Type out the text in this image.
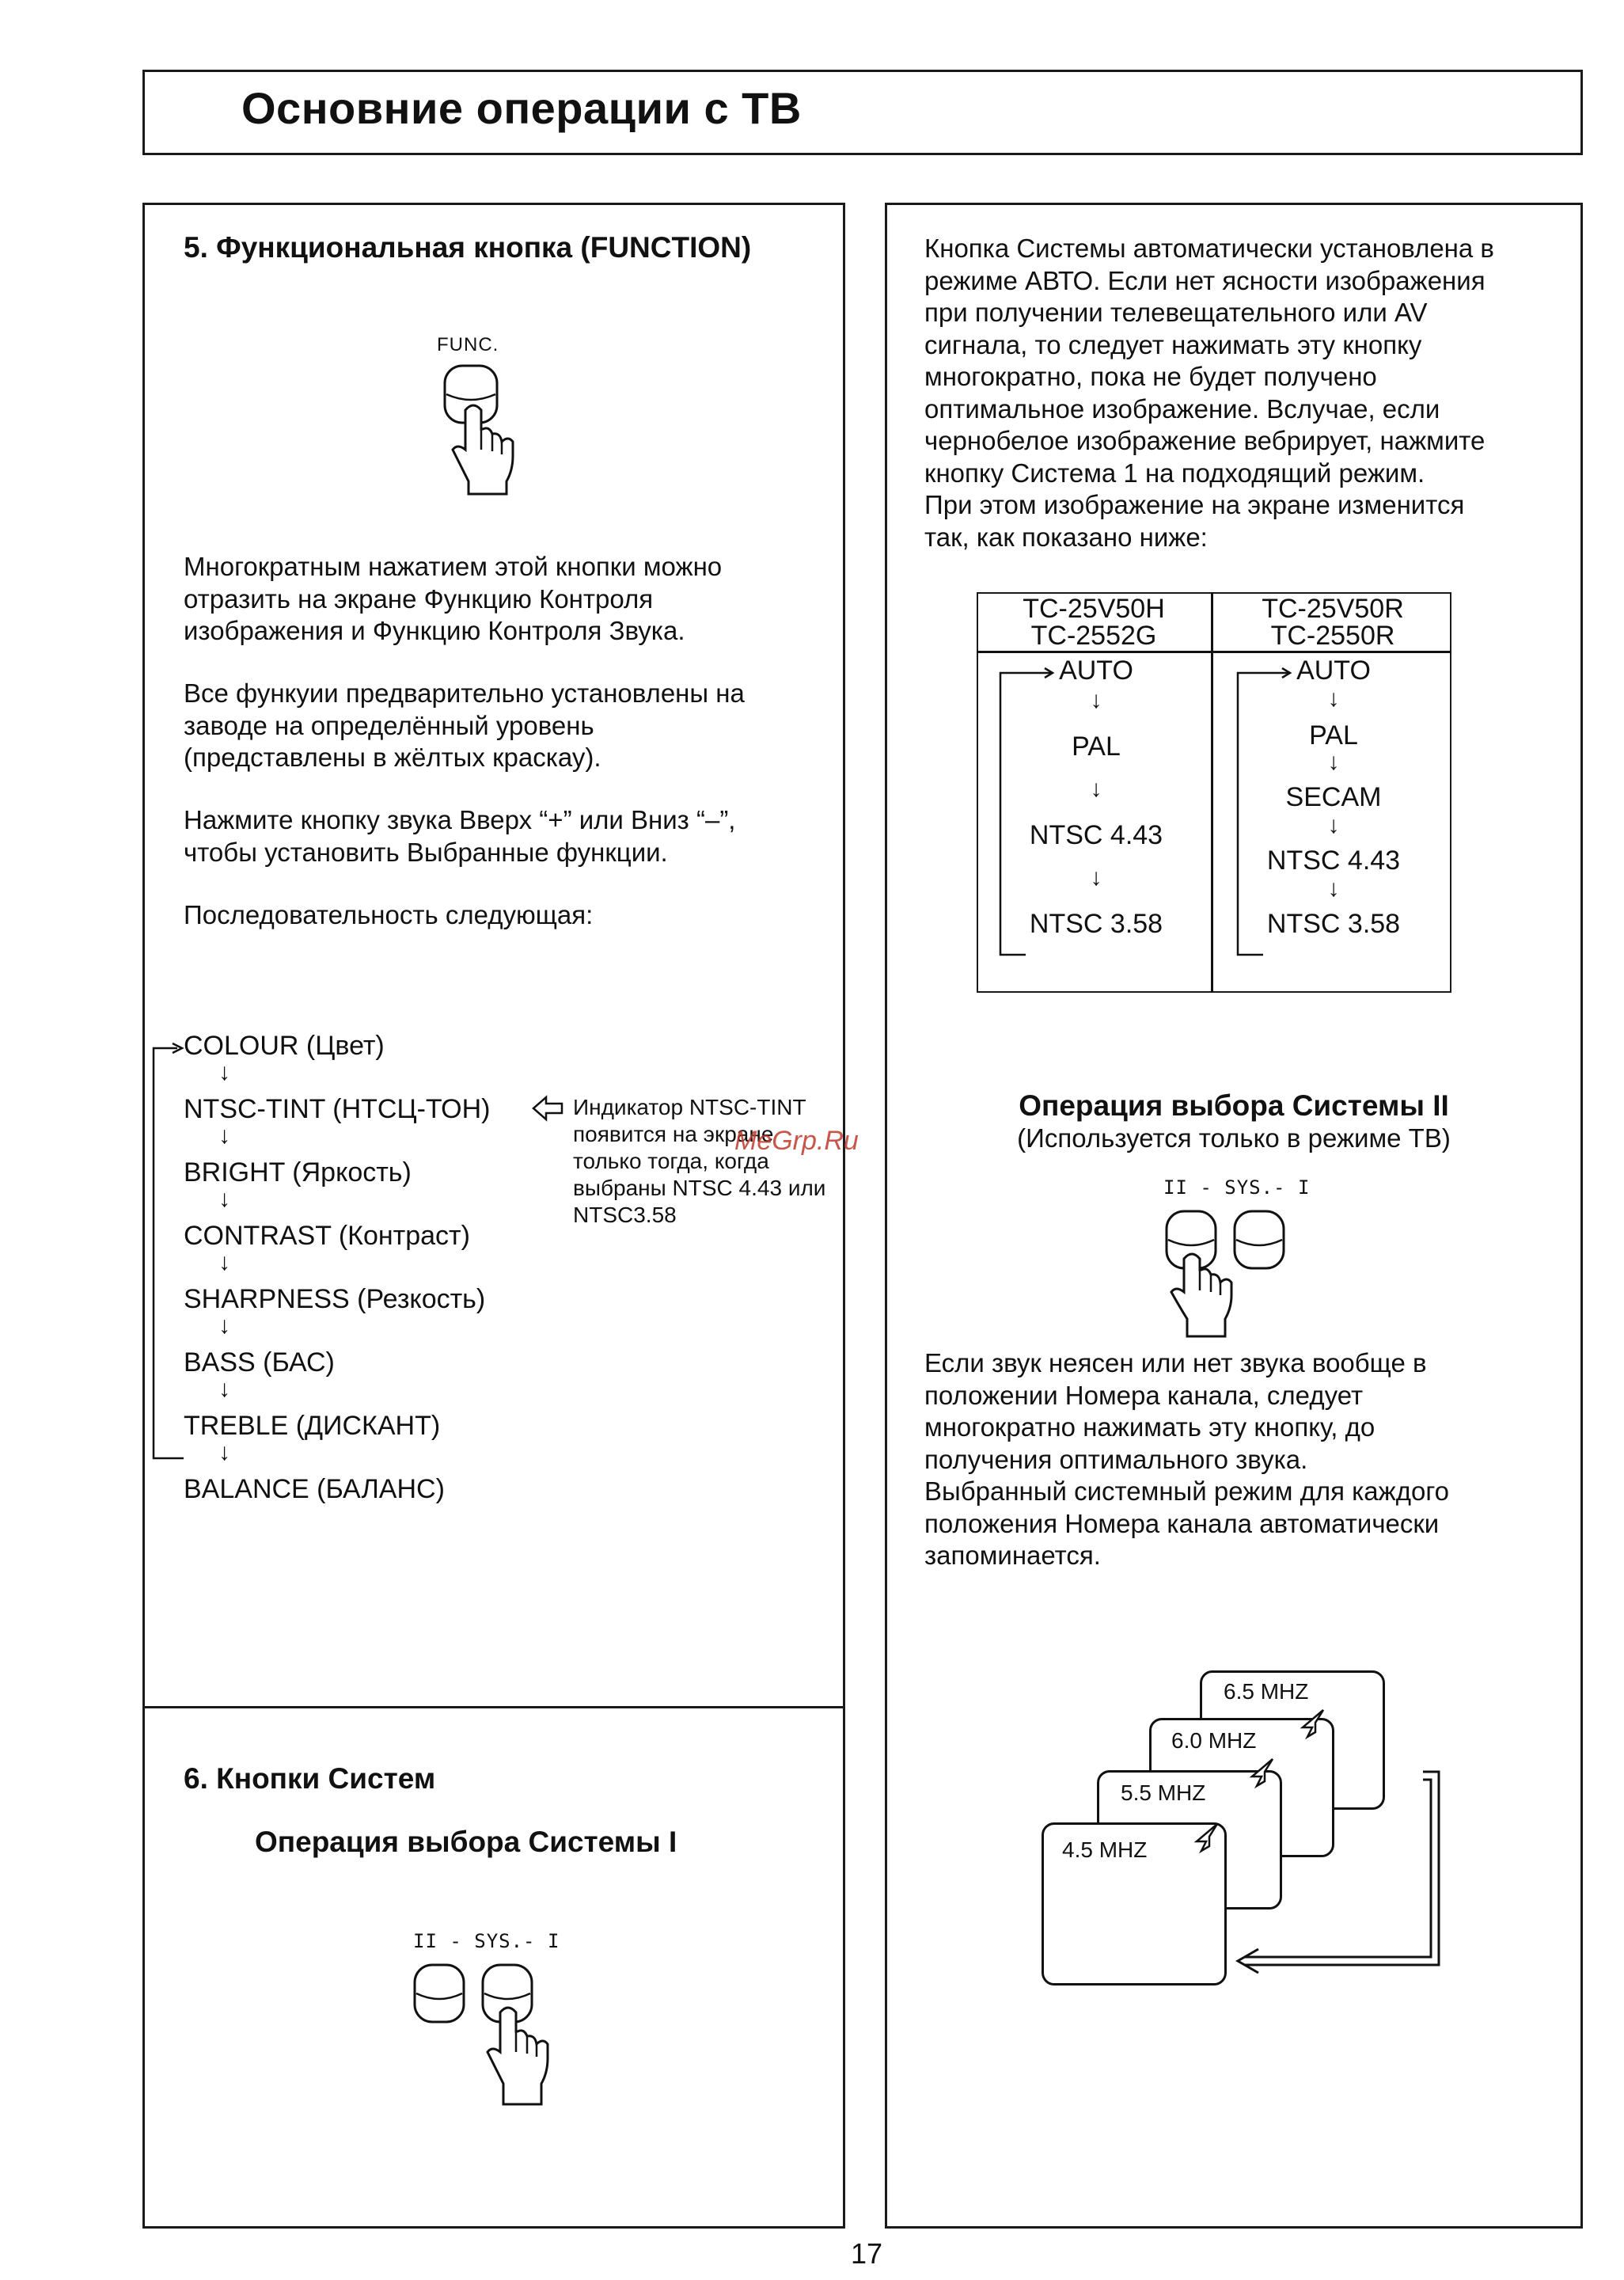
Основние операции с ТВ
5. Функциональная кнопка (FUNCTION)
FUNC.
Многократным нажатием этой кнопки можно
отразить на экране Функцию Контроля
изображения и Функцию Контроля Звука.
Все функуии предварительно установлены на
заводе на определённый уровень
(представлены в жёлтых краскау).
Нажмите кнопку звука Вверх “+” или Вниз “–”,
чтобы установить Выбранные функции.
Последовательность следующая:
COLOUR (Цвет)
↓
NTSC-TINT (НТСЦ-ТОН)
↓
BRIGHT (Яркость)
↓
CONTRAST (Контраст)
↓
SHARPNESS (Резкость)
↓
BASS (БАС)
↓
TREBLE (ДИСКАНТ)
↓
BALANCE (БАЛАНС)
Индикатор NTSC-TINT
появится на экране
только тогда, когда
выбраны NTSC 4.43 или
NTSC3.58
MeGrp.Ru
6. Кнопки Систем
Операция выбора Системы I
II - SYS.- I
Кнопка Системы автоматически установлена в
режиме АВТО. Если нет ясности изображения
при получении телевещательного или AV
сигнала, то следует нажимать эту кнопку
многократно, пока не будет получено
оптимальное изображение. Вслучае, если
чернобелое изображение вебрирует, нажмите
кнопку Система 1 на подходящий режим.
При этом изображение на экране изменится
так, как показано ниже:
TC-25V50H
TC-2552G
TC-25V50R
TC-2550R
AUTO
↓
PAL
↓
NTSC 4.43
↓
NTSC 3.58
AUTO
↓
PAL
↓
SECAM
↓
NTSC 4.43
↓
NTSC 3.58
Операция выбора Системы II
(Используется только в режиме ТВ)
II - SYS.- I
Если звук неясен или нет звука вообще в
положении Номера канала, следует
многократно нажимать эту кнопку, до
получения оптимального звука.
Выбранный системный режим для каждого
положения Номера канала автоматически
запоминается.
6.5 MHZ
6.0 MHZ
5.5 MHZ
4.5 MHZ
17
